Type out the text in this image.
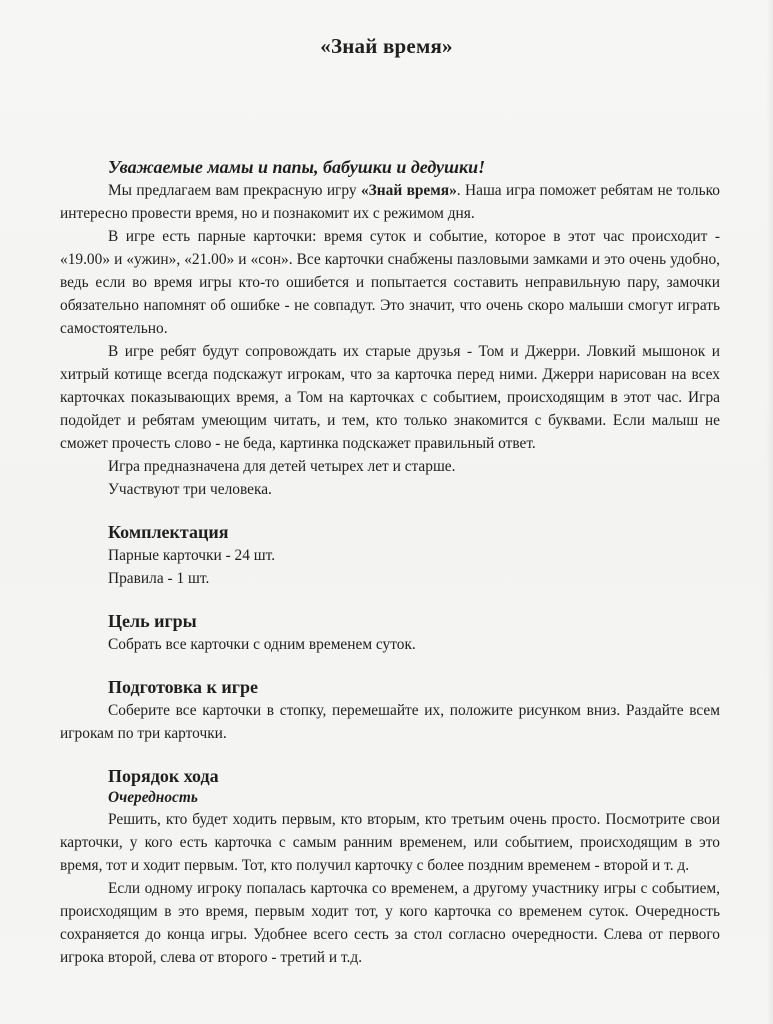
«Знай время»
Уважаемые мамы и папы, бабушки и дедушки!

Мы предлагаем вам прекрасную игру «Знай время». Наша игра поможет ребятам не только интересно провести время, но и познакомит их с режимом дня.

В игре есть парные карточки: время суток и событие, которое в этот час происходит - «19.00» и «ужин», «21.00» и «сон». Все карточки снабжены пазловыми замками и это очень удобно, ведь если во время игры кто-то ошибется и попытается составить неправильную пару, замочки обязательно напомнят об ошибке - не совпадут. Это значит, что очень скоро малыши смогут играть самостоятельно.

В игре ребят будут сопровождать их старые друзья - Том и Джерри. Ловкий мышонок и хитрый котище всегда подскажут игрокам, что за карточка перед ними. Джерри нарисован на всех карточках показывающих время, а Том на карточках с событием, происходящим в этот час. Игра подойдет и ребятам умеющим читать, и тем, кто только знакомится с буквами. Если малыш не сможет прочесть слово - не беда, картинка подскажет правильный ответ.

Игра предназначена для детей четырех лет и старше.

Участвуют три человека.

Комплектация

Парные карточки - 24 шт.

Правила - 1 шт.

Цель игры

Собрать все карточки с одним временем суток.

Подготовка к игре

Соберите все карточки в стопку, перемешайте их, положите рисунком вниз. Раздайте всем игрокам по три карточки.

Порядок хода
Очередность

Решить, кто будет ходить первым, кто вторым, кто третьим очень просто. Посмотрите свои карточки, у кого есть карточка с самым ранним временем, или событием, происходящим в это время, тот и ходит первым. Тот, кто получил карточку с более поздним временем - второй и т. д.

Если одному игроку попалась карточка со временем, а другому участнику игры с событием, происходящим в это время, первым ходит тот, у кого карточка со временем суток. Очередность сохраняется до конца игры. Удобнее всего сесть за стол согласно очередности. Слева от первого игрока второй, слева от второго - третий и т.д.
